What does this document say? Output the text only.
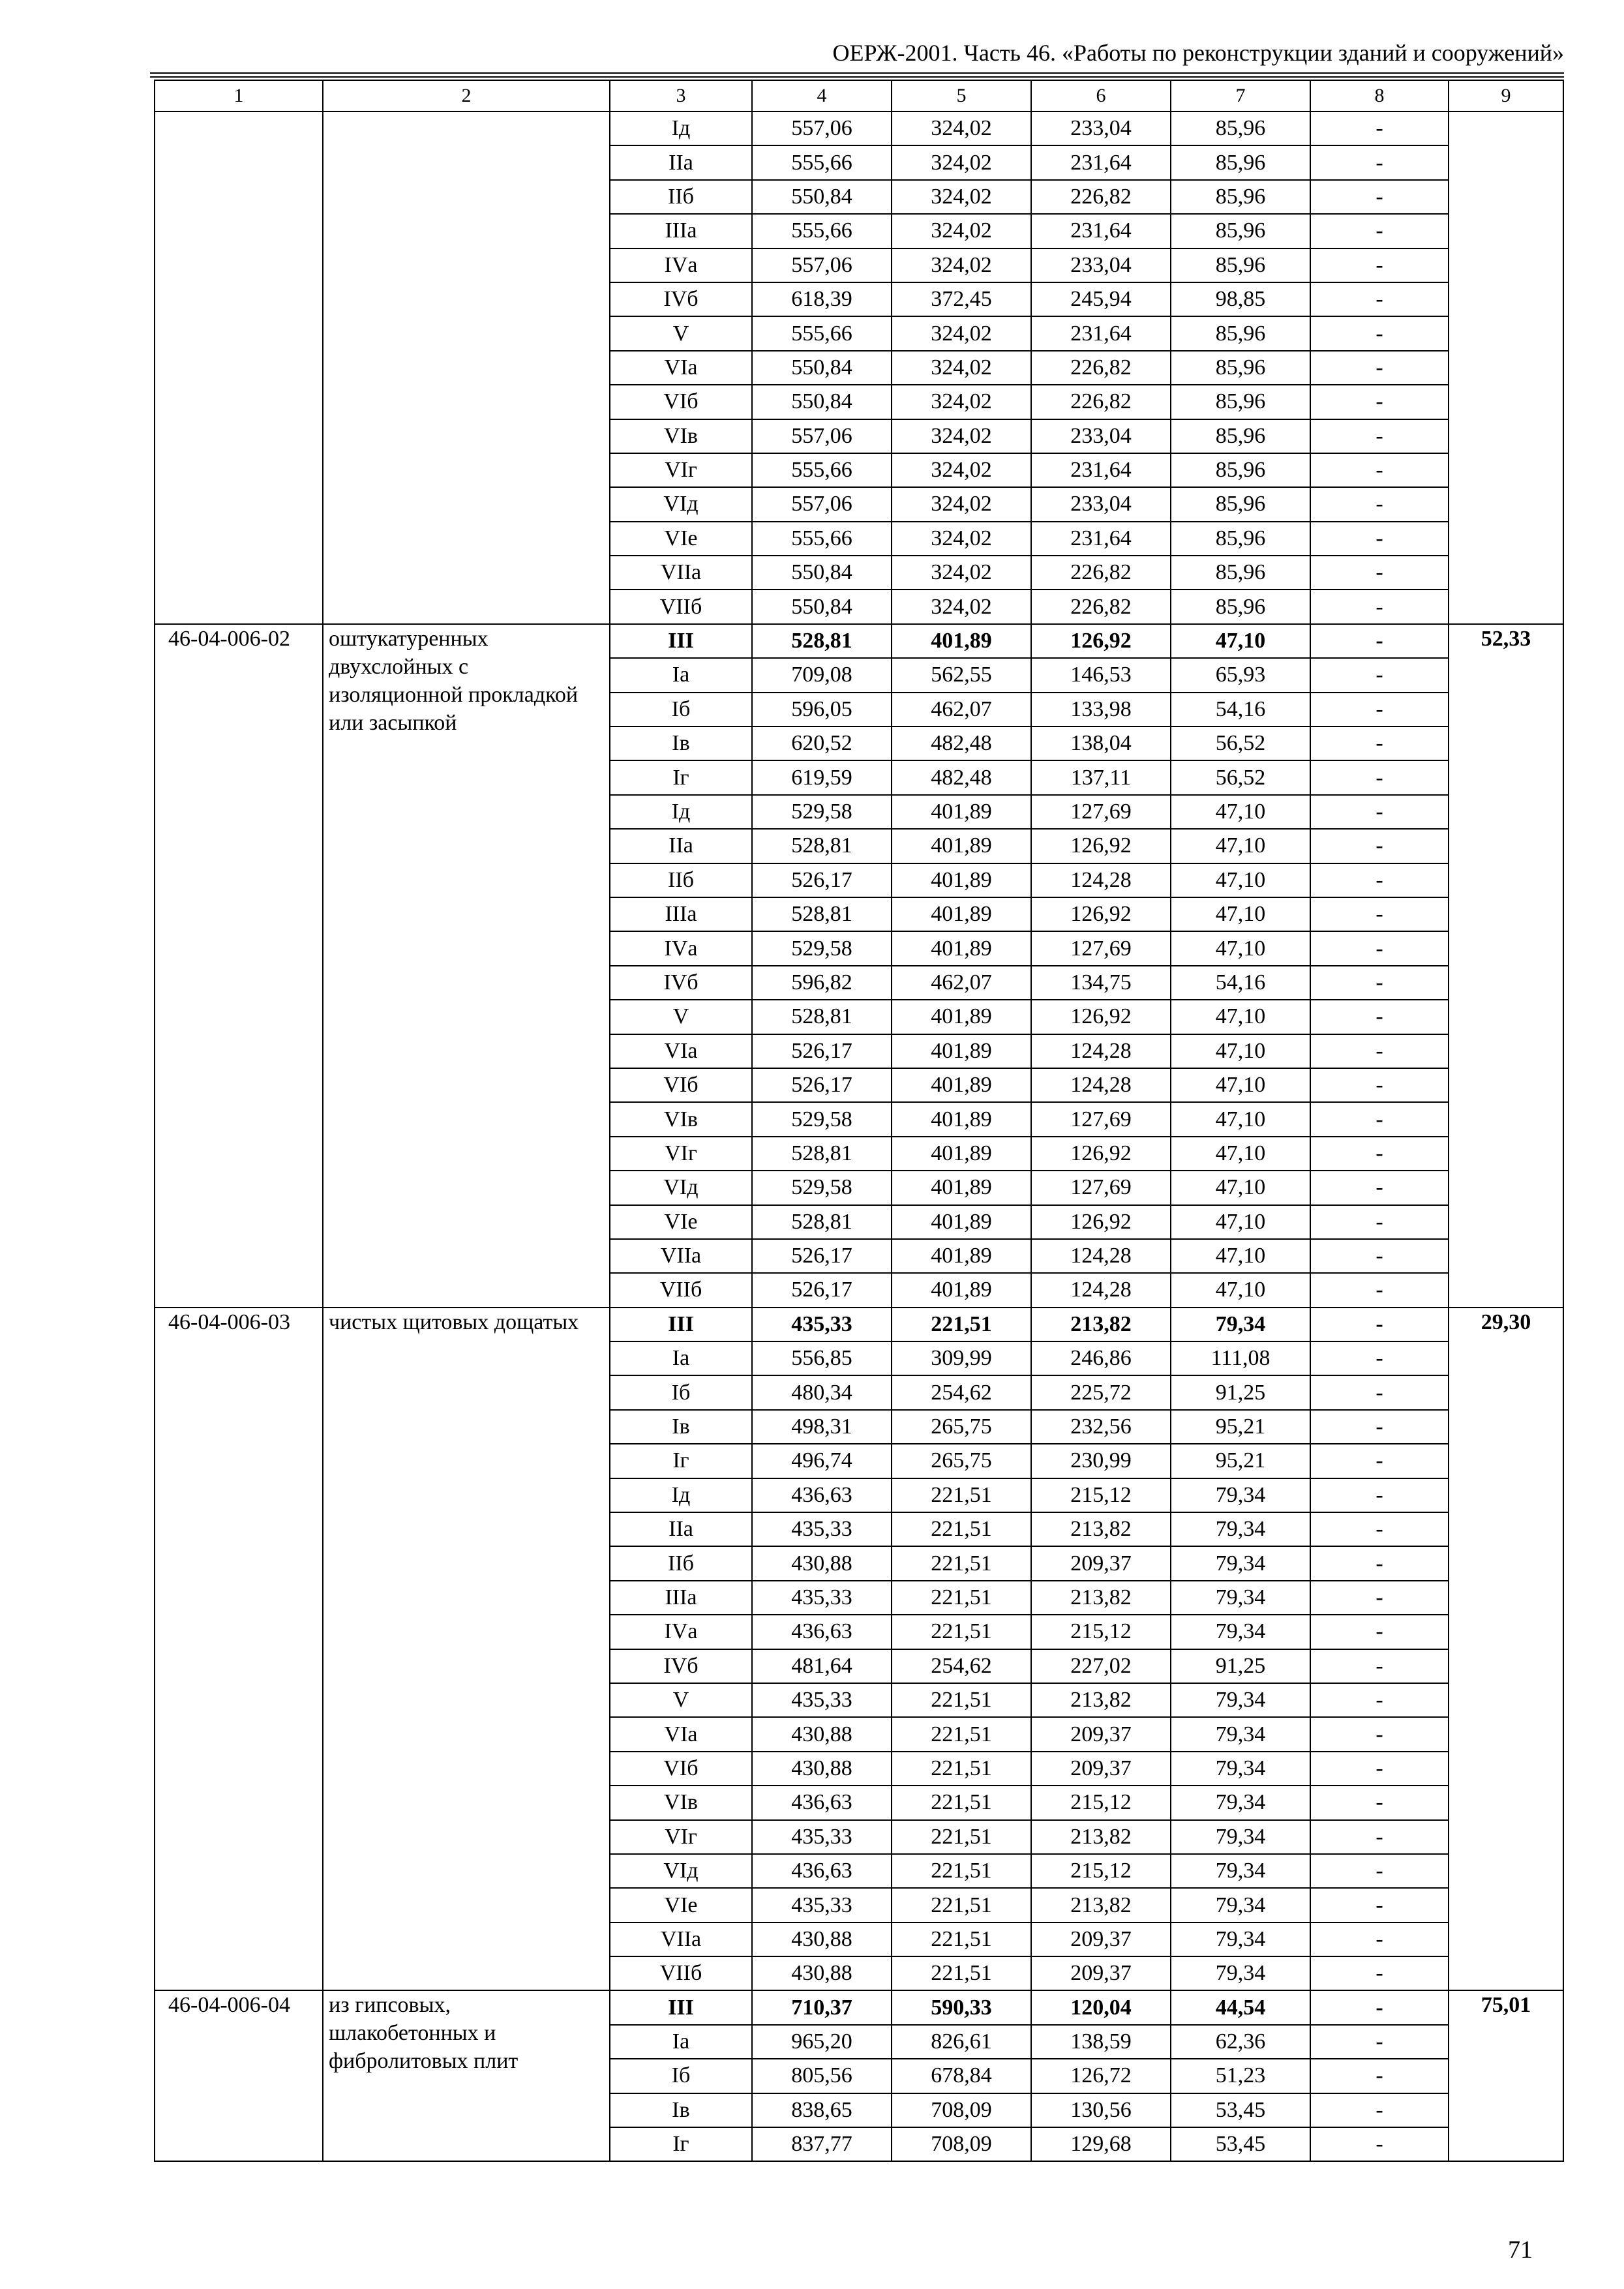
ОЕРЖ-2001. Часть 46. «Работы по реконструкции зданий и сооружений»
1	2	3	4	5	6	7	8	9
		Iд	557,06	324,02	233,04	85,96	-	
		IIа	555,66	324,02	231,64	85,96	-	
		IIб	550,84	324,02	226,82	85,96	-	
		IIIа	555,66	324,02	231,64	85,96	-	
		IVа	557,06	324,02	233,04	85,96	-	
		IVб	618,39	372,45	245,94	98,85	-	
		V	555,66	324,02	231,64	85,96	-	
		VIа	550,84	324,02	226,82	85,96	-	
		VIб	550,84	324,02	226,82	85,96	-	
		VIв	557,06	324,02	233,04	85,96	-	
		VIг	555,66	324,02	231,64	85,96	-	
		VIд	557,06	324,02	233,04	85,96	-	
		VIе	555,66	324,02	231,64	85,96	-	
		VIIа	550,84	324,02	226,82	85,96	-	
		VIIб	550,84	324,02	226,82	85,96	-	
46-04-006-02	оштукатуренных двухслойных с изоляционной прокладкой или засыпкой	III	528,81	401,89	126,92	47,10	-	52,33
		Iа	709,08	562,55	146,53	65,93	-	
		Iб	596,05	462,07	133,98	54,16	-	
		Iв	620,52	482,48	138,04	56,52	-	
		Iг	619,59	482,48	137,11	56,52	-	
		Iд	529,58	401,89	127,69	47,10	-	
		IIа	528,81	401,89	126,92	47,10	-	
		IIб	526,17	401,89	124,28	47,10	-	
		IIIа	528,81	401,89	126,92	47,10	-	
		IVа	529,58	401,89	127,69	47,10	-	
		IVб	596,82	462,07	134,75	54,16	-	
		V	528,81	401,89	126,92	47,10	-	
		VIа	526,17	401,89	124,28	47,10	-	
		VIб	526,17	401,89	124,28	47,10	-	
		VIв	529,58	401,89	127,69	47,10	-	
		VIг	528,81	401,89	126,92	47,10	-	
		VIд	529,58	401,89	127,69	47,10	-	
		VIе	528,81	401,89	126,92	47,10	-	
		VIIа	526,17	401,89	124,28	47,10	-	
		VIIб	526,17	401,89	124,28	47,10	-	
46-04-006-03	чистых щитовых дощатых	III	435,33	221,51	213,82	79,34	-	29,30
		Iа	556,85	309,99	246,86	111,08	-	
		Iб	480,34	254,62	225,72	91,25	-	
		Iв	498,31	265,75	232,56	95,21	-	
		Iг	496,74	265,75	230,99	95,21	-	
		Iд	436,63	221,51	215,12	79,34	-	
		IIа	435,33	221,51	213,82	79,34	-	
		IIб	430,88	221,51	209,37	79,34	-	
		IIIа	435,33	221,51	213,82	79,34	-	
		IVа	436,63	221,51	215,12	79,34	-	
		IVб	481,64	254,62	227,02	91,25	-	
		V	435,33	221,51	213,82	79,34	-	
		VIа	430,88	221,51	209,37	79,34	-	
		VIб	430,88	221,51	209,37	79,34	-	
		VIв	436,63	221,51	215,12	79,34	-	
		VIг	435,33	221,51	213,82	79,34	-	
		VIд	436,63	221,51	215,12	79,34	-	
		VIе	435,33	221,51	213,82	79,34	-	
		VIIа	430,88	221,51	209,37	79,34	-	
		VIIб	430,88	221,51	209,37	79,34	-	
46-04-006-04	из гипсовых, шлакобетонных и фибролитовых плит	III	710,37	590,33	120,04	44,54	-	75,01
		Iа	965,20	826,61	138,59	62,36	-	
		Iб	805,56	678,84	126,72	51,23	-	
		Iв	838,65	708,09	130,56	53,45	-	
		Iг	837,77	708,09	129,68	53,45	-	
71
